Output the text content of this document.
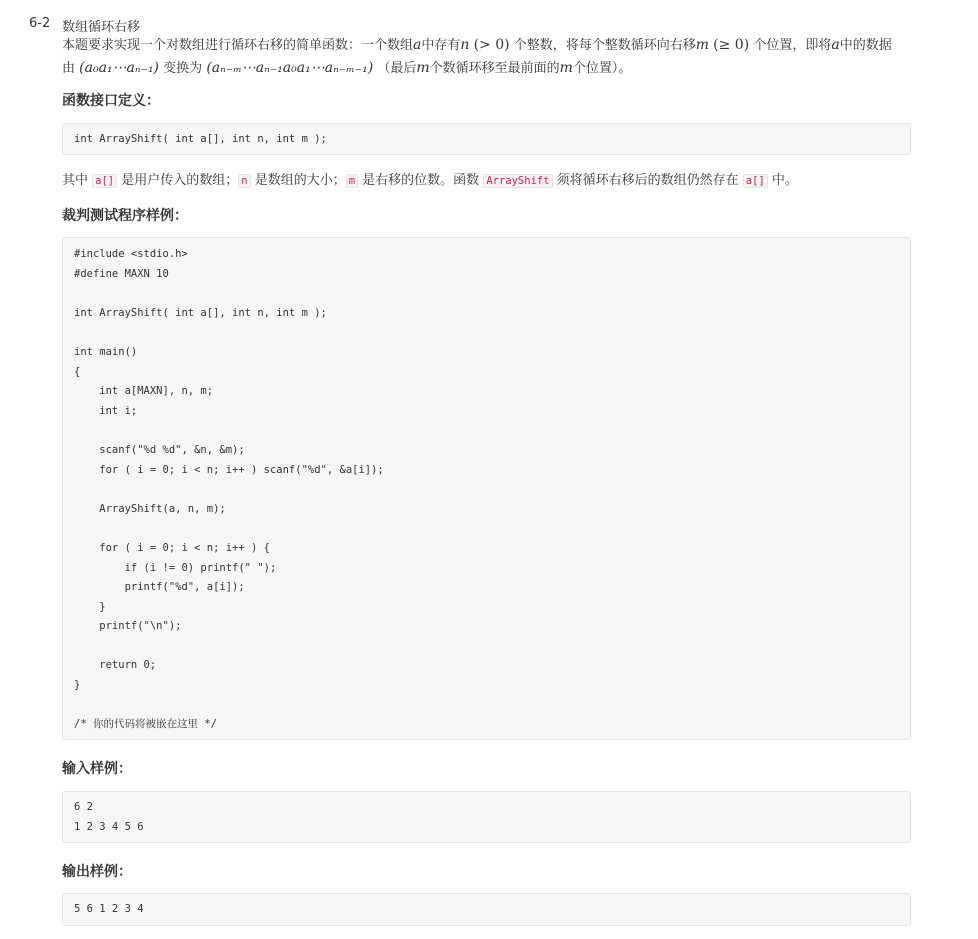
6-2 数组循环右移

本题要求实现一个对数组进行循环右移的简单函数：一个数组a中存有n (> 0) 个整数，将每个整数循环向右移m (≥ 0) 个位置，即将a中的数据

由 (a₀a₁⋯aₙ₋₁) 变换为 (aₙ₋ₘ⋯aₙ₋₁a₀a₁⋯aₙ₋ₘ₋₁) （最后m个数循环移至最前面的m个位置）。

函数接口定义：
int ArrayShift( int a[], int n, int m );

其中 a[] 是用户传入的数组； n 是数组的大小； m 是右移的位数。函数 ArrayShift 须将循环右移后的数组仍然存在 a[] 中。

裁判测试程序样例：
#include <stdio.h>
#define MAXN 10
int ArrayShift( int a[], int n, int m );
int main()
{
int a[MAXN], n, m;
int i;
scanf("%d %d", &n, &m);
for ( i = 0; i < n; i++ ) scanf("%d", &a[i]);
ArrayShift(a, n, m);
for ( i = 0; i < n; i++ ) {
if (i != 0) printf(" ");
printf("%d", a[i]);
}
printf("\n");
return 0;
}
/* 你的代码将被嵌在这里 */
输入样例：
6 2
1 2 3 4 5 6
输出样例：
5 6 1 2 3 4
